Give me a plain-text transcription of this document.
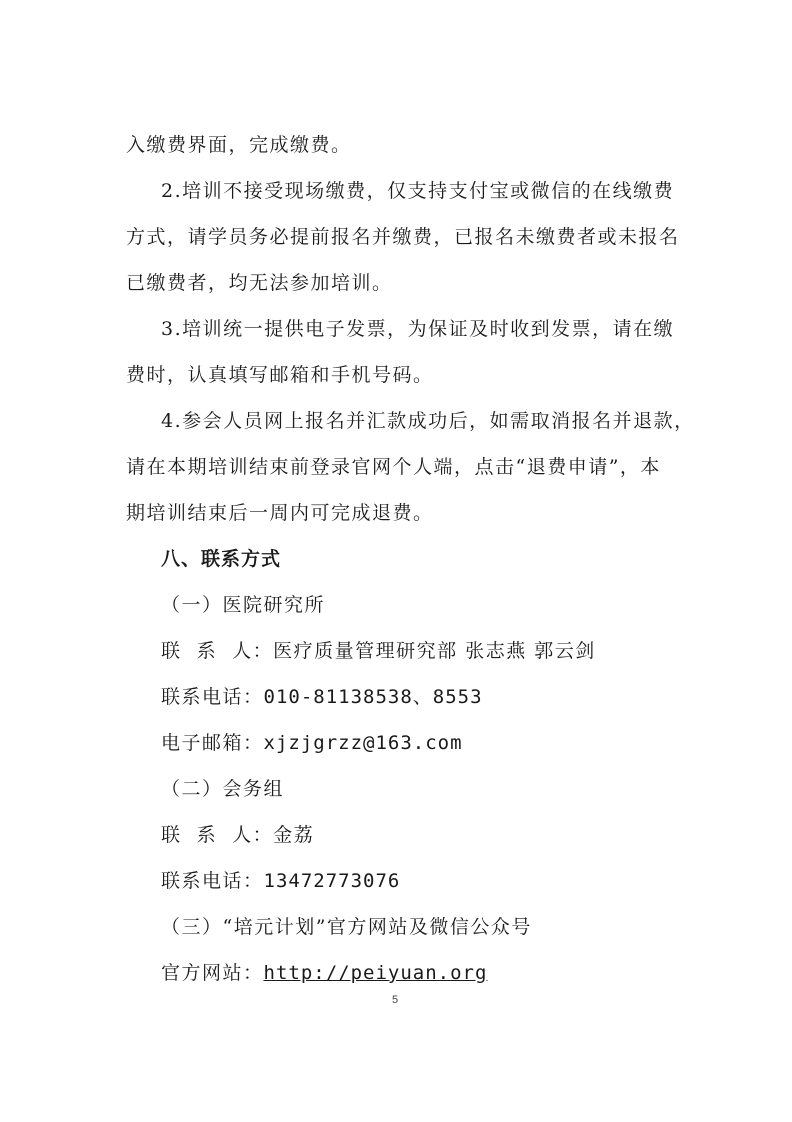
入缴费界面，完成缴费。
2.培训不接受现场缴费，仅支持支付宝或微信的在线缴费
方式，请学员务必提前报名并缴费，已报名未缴费者或未报名
已缴费者，均无法参加培训。
3.培训统一提供电子发票，为保证及时收到发票，请在缴
费时，认真填写邮箱和手机号码。
4.参会人员网上报名并汇款成功后，如需取消报名并退款，
请在本期培训结束前登录官网个人端，点击“退费申请”，本
期培训结束后一周内可完成退费。
八、联系方式
（一）医院研究所
联  系  人：医疗质量管理研究部 张志燕 郭云剑
联系电话：010-81138538、8553
电子邮箱：xjzjgrzz@163.com
（二）会务组
联  系  人：金荔
联系电话：13472773076
（三）“培元计划”官方网站及微信公众号
官方网站：http://peiyuan.org
5
